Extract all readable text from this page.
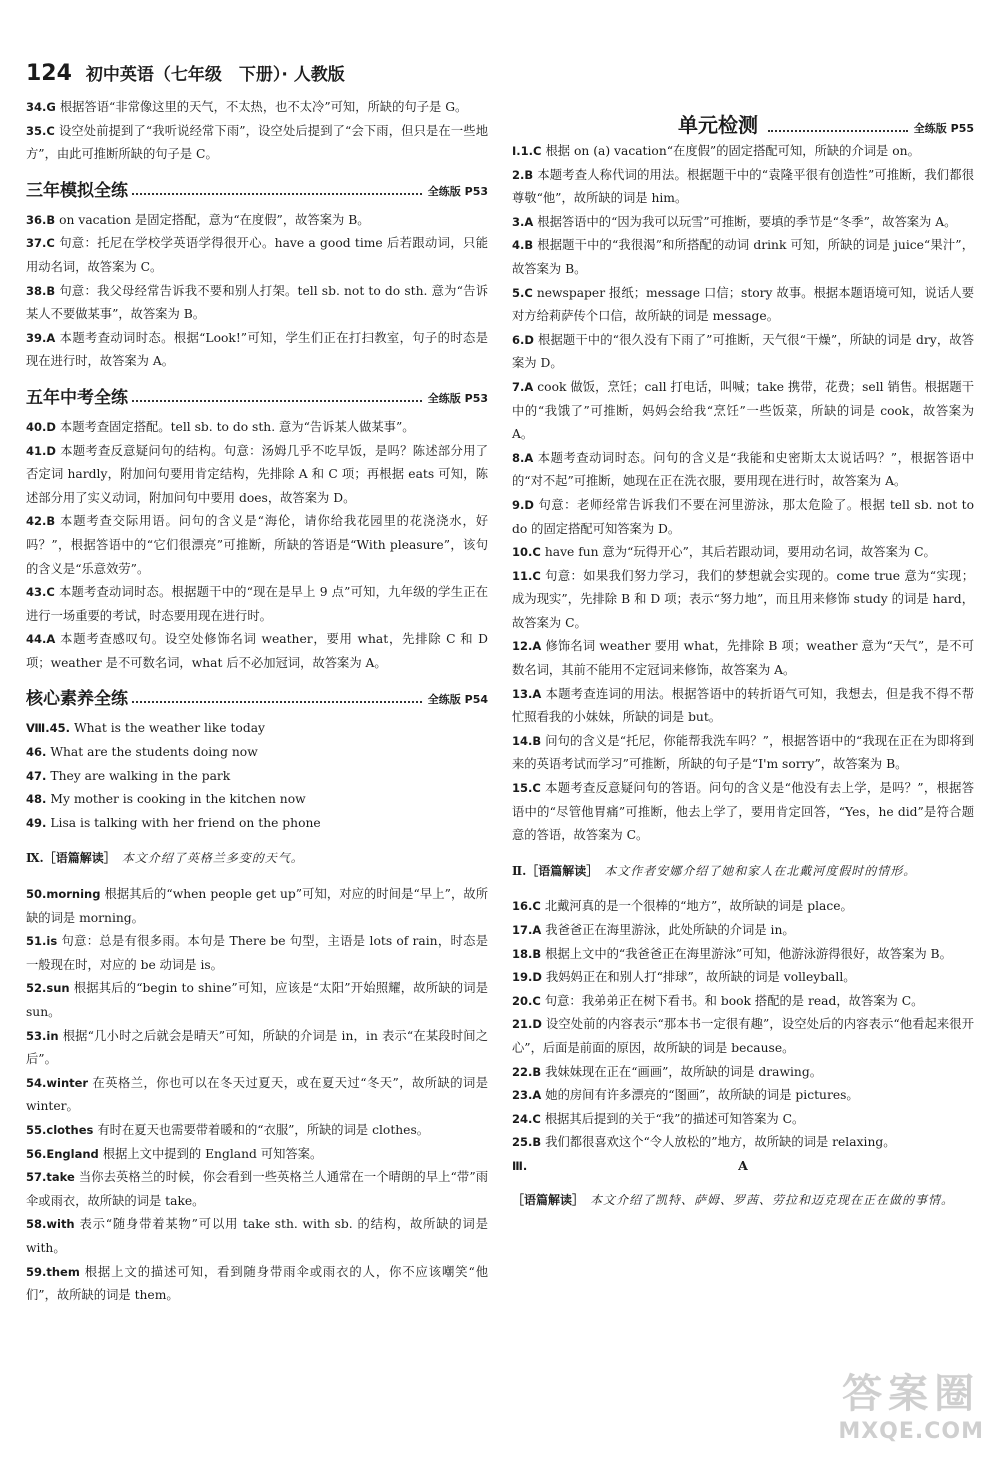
124 初中英语（七年级　下册）· 人教版

34.G 根据答语“非常像这里的天气，不太热，也不太冷”可知，所缺的句子是 G。

35.C 设空处前提到了“我听说经常下雨”，设空处后提到了“会下雨，但只是在一些地方”，由此可推断所缺的句子是 C。

三年模拟全练	全练版 P53

36.B on vacation 是固定搭配，意为“在度假”，故答案为 B。

37.C 句意：托尼在学校学英语学得很开心。have a good time 后若跟动词，只能用动名词，故答案为 C。

38.B 句意：我父母经常告诉我不要和别人打架。tell sb. not to do sth. 意为“告诉某人不要做某事”，故答案为 B。

39.A 本题考查动词时态。根据“Look!”可知，学生们正在打扫教室，句子的时态是现在进行时，故答案为 A。

五年中考全练	全练版 P53

40.D 本题考查固定搭配。tell sb. to do sth. 意为“告诉某人做某事”。

41.D 本题考查反意疑问句的结构。句意：汤姆几乎不吃早饭，是吗？陈述部分用了否定词 hardly，附加问句要用肯定结构，先排除 A 和 C 项；再根据 eats 可知，陈述部分用了实义动词，附加问句中要用 does，故答案为 D。

42.B 本题考查交际用语。问句的含义是“海伦，请你给我花园里的花浇浇水，好吗？”，根据答语中的“它们很漂亮”可推断，所缺的答语是“With pleasure”，该句的含义是“乐意效劳”。

43.C 本题考查动词时态。根据题干中的“现在是早上 9 点”可知，九年级的学生正在进行一场重要的考试，时态要用现在进行时。

44.A 本题考查感叹句。设空处修饰名词 weather，要用 what，先排除 C 和 D 项；weather 是不可数名词，what 后不必加冠词，故答案为 A。

核心素养全练	全练版 P54

Ⅷ.45. What is the weather like today

46. What are the students doing now

47. They are walking in the park

48. My mother is cooking in the kitchen now

49. Lisa is talking with her friend on the phone

Ⅸ.［语篇解读］ 本文介绍了英格兰多变的天气。

50.morning 根据其后的“when people get up”可知，对应的时间是“早上”，故所缺的词是 morning。

51.is 句意：总是有很多雨。本句是 There be 句型，主语是 lots of rain，时态是一般现在时，对应的 be 动词是 is。

52.sun 根据其后的“begin to shine”可知，应该是“太阳”开始照耀，故所缺的词是 sun。

53.in 根据“几小时之后就会是晴天”可知，所缺的介词是 in，in 表示“在某段时间之后”。

54.winter 在英格兰，你也可以在冬天过夏天，或在夏天过“冬天”，故所缺的词是 winter。

55.clothes 有时在夏天也需要带着暖和的“衣服”，所缺的词是 clothes。

56.England 根据上文中提到的 England 可知答案。

57.take 当你去英格兰的时候，你会看到一些英格兰人通常在一个晴朗的早上“带”雨伞或雨衣，故所缺的词是 take。

58.with 表示“随身带着某物”可以用 take sth. with sb. 的结构，故所缺的词是 with。

59.them 根据上文的描述可知，看到随身带雨伞或雨衣的人，你不应该嘲笑“他们”，故所缺的词是 them。

单元检测	全练版 P55

Ⅰ.1.C 根据 on (a) vacation“在度假”的固定搭配可知，所缺的介词是 on。

2.B 本题考查人称代词的用法。根据题干中的“袁隆平很有创造性”可推断，我们都很尊敬“他”，故所缺的词是 him。

3.A 根据答语中的“因为我可以玩雪”可推断，要填的季节是“冬季”，故答案为 A。

4.B 根据题干中的“我很渴”和所搭配的动词 drink 可知，所缺的词是 juice“果汁”，故答案为 B。

5.C newspaper 报纸；message 口信；story 故事。根据本题语境可知，说话人要对方给莉萨传个口信，故所缺的词是 message。

6.D 根据题干中的“很久没有下雨了”可推断，天气很“干燥”，所缺的词是 dry，故答案为 D。

7.A cook 做饭，烹饪；call 打电话，叫喊；take 携带，花费；sell 销售。根据题干中的“我饿了”可推断，妈妈会给我“烹饪”一些饭菜，所缺的词是 cook，故答案为 A。

8.A 本题考查动词时态。问句的含义是“我能和史密斯太太说话吗？”，根据答语中的“对不起”可推断，她现在正在洗衣服，要用现在进行时，故答案为 A。

9.D 句意：老师经常告诉我们不要在河里游泳，那太危险了。根据 tell sb. not to do 的固定搭配可知答案为 D。

10.C have fun 意为“玩得开心”，其后若跟动词，要用动名词，故答案为 C。

11.C 句意：如果我们努力学习，我们的梦想就会实现的。come true 意为“实现；成为现实”，先排除 B 和 D 项；表示“努力地”，而且用来修饰 study 的词是 hard，故答案为 C。

12.A 修饰名词 weather 要用 what，先排除 B 项；weather 意为“天气”，是不可数名词，其前不能用不定冠词来修饰，故答案为 A。

13.A 本题考查连词的用法。根据答语中的转折语气可知，我想去，但是我不得不帮忙照看我的小妹妹，所缺的词是 but。

14.B 问句的含义是“托尼，你能帮我洗车吗？”，根据答语中的“我现在正在为即将到来的英语考试而学习”可推断，所缺的句子是“I'm sorry”，故答案为 B。

15.C 本题考查反意疑问句的答语。问句的含义是“他没有去上学，是吗？”，根据答语中的“尽管他胃痛”可推断，他去上学了，要用肯定回答，“Yes，he did”是符合题意的答语，故答案为 C。

Ⅱ.［语篇解读］ 本文作者安娜介绍了她和家人在北戴河度假时的情形。

16.C 北戴河真的是一个很棒的“地方”，故所缺的词是 place。

17.A 我爸爸正在海里游泳，此处所缺的介词是 in。

18.B 根据上文中的“我爸爸正在海里游泳”可知，他游泳游得很好，故答案为 B。

19.D 我妈妈正在和别人打“排球”，故所缺的词是 volleyball。

20.C 句意：我弟弟正在树下看书。和 book 搭配的是 read，故答案为 C。

21.D 设空处前的内容表示“那本书一定很有趣”，设空处后的内容表示“他看起来很开心”，后面是前面的原因，故所缺的词是 because。

22.B 我妹妹现在正在“画画”，故所缺的词是 drawing。

23.A 她的房间有许多漂亮的“图画”，故所缺的词是 pictures。

24.C 根据其后提到的关于“我”的描述可知答案为 C。

25.B 我们都很喜欢这个“令人放松的”地方，故所缺的词是 relaxing。

Ⅲ.	A

［语篇解读］ 本文介绍了凯特、萨姆、罗茜、劳拉和迈克现在正在做的事情。

答案圈
MXQE.COM
